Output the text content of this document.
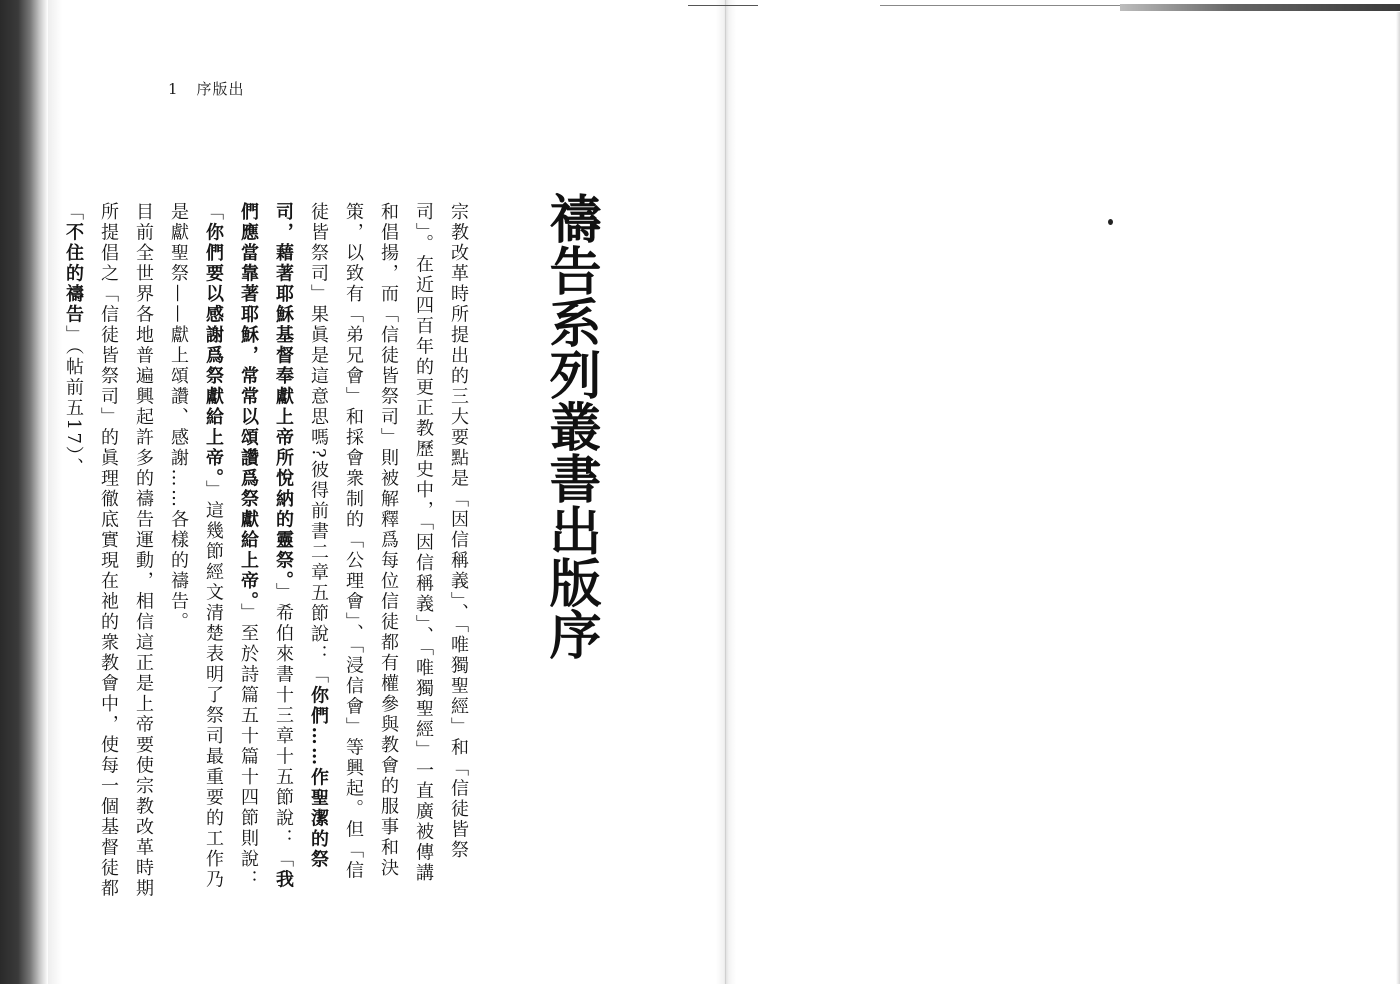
1 序版出
禱告系列叢書出版序

宗教改革時所提出的三大要點是「因信稱義」、「唯獨聖經」和「信徒皆祭司」。在近四百年的更正教歷史中，「因信稱義」、「唯獨聖經」一直廣被傳講和倡揚，而「信徒皆祭司」則被解釋爲每位信徒都有權參與教會的服事和決策，以致有「弟兄會」和採會衆制的「公理會」、「浸信會」等興起。但「信徒皆祭司」果眞是這意思嗎?彼得前書二章五節說：「你們……作聖潔的祭司，藉著耶穌基督奉獻上帝所悅納的靈祭。」希伯來書十三章十五節說：「我們應當靠著耶穌，常常以頌讚爲祭獻給上帝。」至於詩篇五十篇十四節則說：「你們要以感謝爲祭獻給上帝。」這幾節經文清楚表明了祭司最重要的工作乃是獻聖祭——獻上頌讚、感謝……各樣的禱告。

目前全世界各地普遍興起許多的禱告運動，相信這正是上帝要使宗教改革時期所提倡之「信徒皆祭司」的眞理徹底實現在祂的衆教會中，使每一個基督徒都「不住的禱告」（帖前五17）、
